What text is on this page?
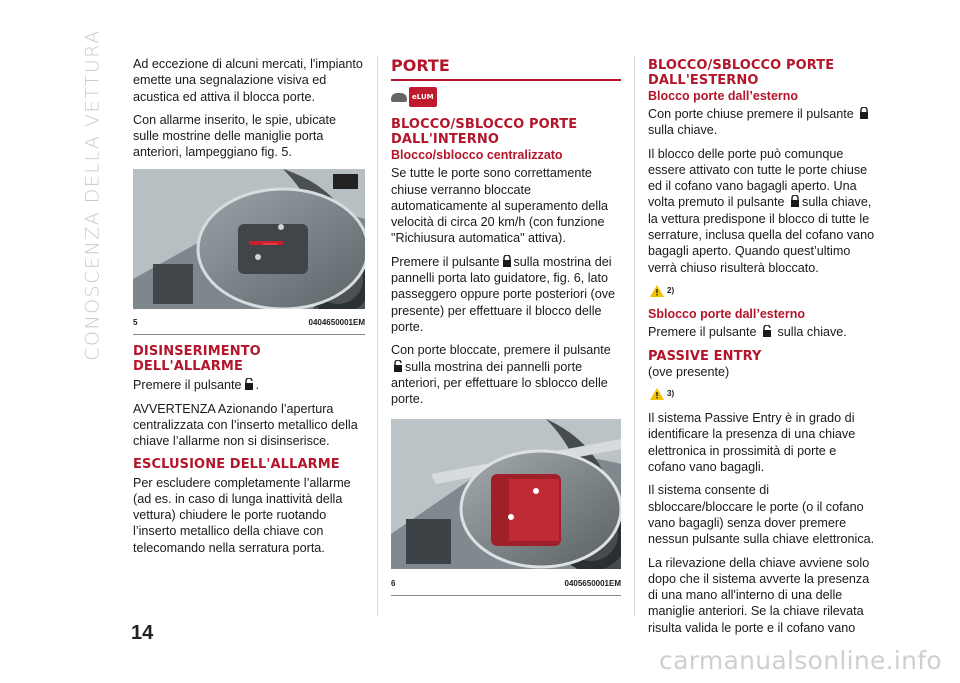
CONOSCENZA DELLA VETTURA Ad eccezione di alcuni mercati, l'impianto emette una segnalazione visiva ed acustica ed attiva il blocca porte.

Con allarme inserito, le spie, ubicate sulle mostrine delle maniglie porta anteriori, lampeggiano fig. 5.

5	0404650001EM
DISINSERIMENTO DELL'ALLARME

Premere il pulsante .

AVVERTENZA Azionando l’apertura centralizzata con l’inserto metallico della chiave l’allarme non si disinserisce.

ESCLUSIONE DELL'ALLARME

Per escludere completamente l’allarme (ad es. in caso di lunga inattività della vettura) chiudere le porte ruotando l’inserto metallico della chiave con telecomando nella serratura porta.

PORTE
eLUM
BLOCCO/SBLOCCO PORTE DALL'INTERNO
Blocco/sblocco centralizzato

Se tutte le porte sono correttamente chiuse verranno bloccate automaticamente al superamento della velocità di circa 20 km/h (con funzione "Richiusura automatica" attiva).

Premere il pulsante sulla mostrina dei pannelli porta lato guidatore, fig. 6, lato passeggero oppure porte posteriori (ove presente) per effettuare il blocco delle porte.

Con porte bloccate, premere il pulsante sulla mostrina dei pannelli porte anteriori, per effettuare lo sblocco delle porte.

6	0405650001EM
BLOCCO/SBLOCCO PORTE DALL'ESTERNO
Blocco porte dall’esterno

Con porte chiuse premere il pulsante  sulla chiave.

Il blocco delle porte può comunque essere attivato con tutte le porte chiuse ed il cofano vano bagagli aperto. Una volta premuto il pulsante sulla chiave, la vettura predispone il blocco di tutte le serrature, inclusa quella del cofano vano bagagli aperto. Quando quest’ultimo verrà chiuso risulterà bloccato.

2)
Sblocco porte dall’esterno

Premere il pulsante sulla chiave.

PASSIVE ENTRY

(ove presente)

3)

Il sistema Passive Entry è in grado di identificare la presenza di una chiave elettronica in prossimità di porte e cofano vano bagagli.

Il sistema consente di sbloccare/bloccare le porte (o il cofano vano bagagli) senza dover premere nessun pulsante sulla chiave elettronica.

La rilevazione della chiave avviene solo dopo che il sistema avverte la presenza di una mano all'interno di una delle maniglie anteriori. Se la chiave rilevata risulta valida le porte e il cofano vano

14
carmanualsonline.info
